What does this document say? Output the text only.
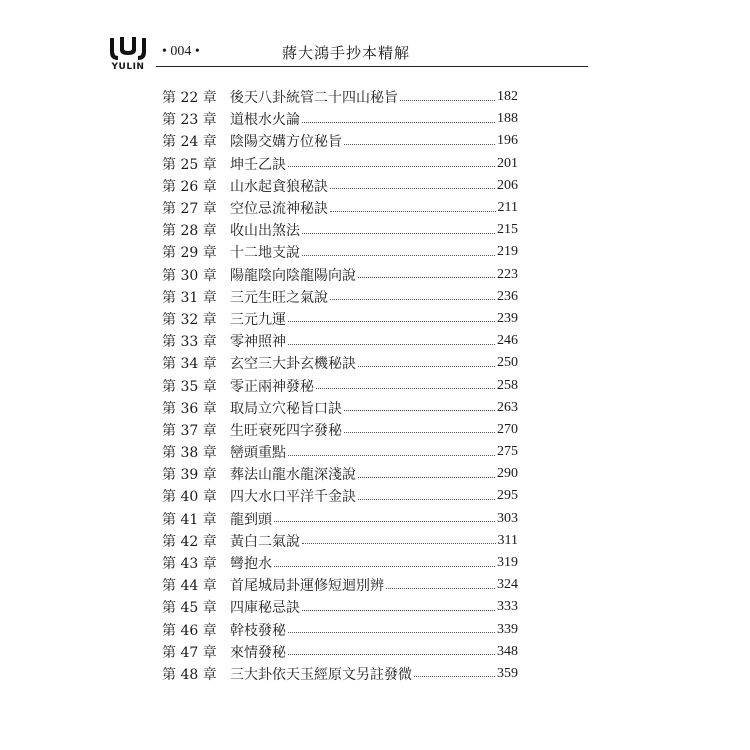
YULIN
• 004 •	蔣大鴻手抄本精解
第 22 章 後天八卦統管二十四山秘旨	182
第 23 章 道根水火論	188
第 24 章 陰陽交媾方位秘旨	196
第 25 章 坤壬乙訣	201
第 26 章 山水起貪狼秘訣	206
第 27 章 空位忌流神秘訣	211
第 28 章 收山出煞法	215
第 29 章 十二地支說	219
第 30 章 陽龍陰向陰龍陽向說	223
第 31 章 三元生旺之氣說	236
第 32 章 三元九運	239
第 33 章 零神照神	246
第 34 章 玄空三大卦玄機秘訣	250
第 35 章 零正兩神發秘	258
第 36 章 取局立穴秘旨口訣	263
第 37 章 生旺衰死四字發秘	270
第 38 章 巒頭重點	275
第 39 章 葬法山龍水龍深淺說	290
第 40 章 四大水口平洋千金訣	295
第 41 章 龍到頭	303
第 42 章 黃白二氣說	311
第 43 章 彎抱水	319
第 44 章 首尾城局卦運修短迴別辨	324
第 45 章 四庫秘忌訣	333
第 46 章 幹枝發秘	339
第 47 章 來情發秘	348
第 48 章 三大卦依天玉經原文另註發微	359
